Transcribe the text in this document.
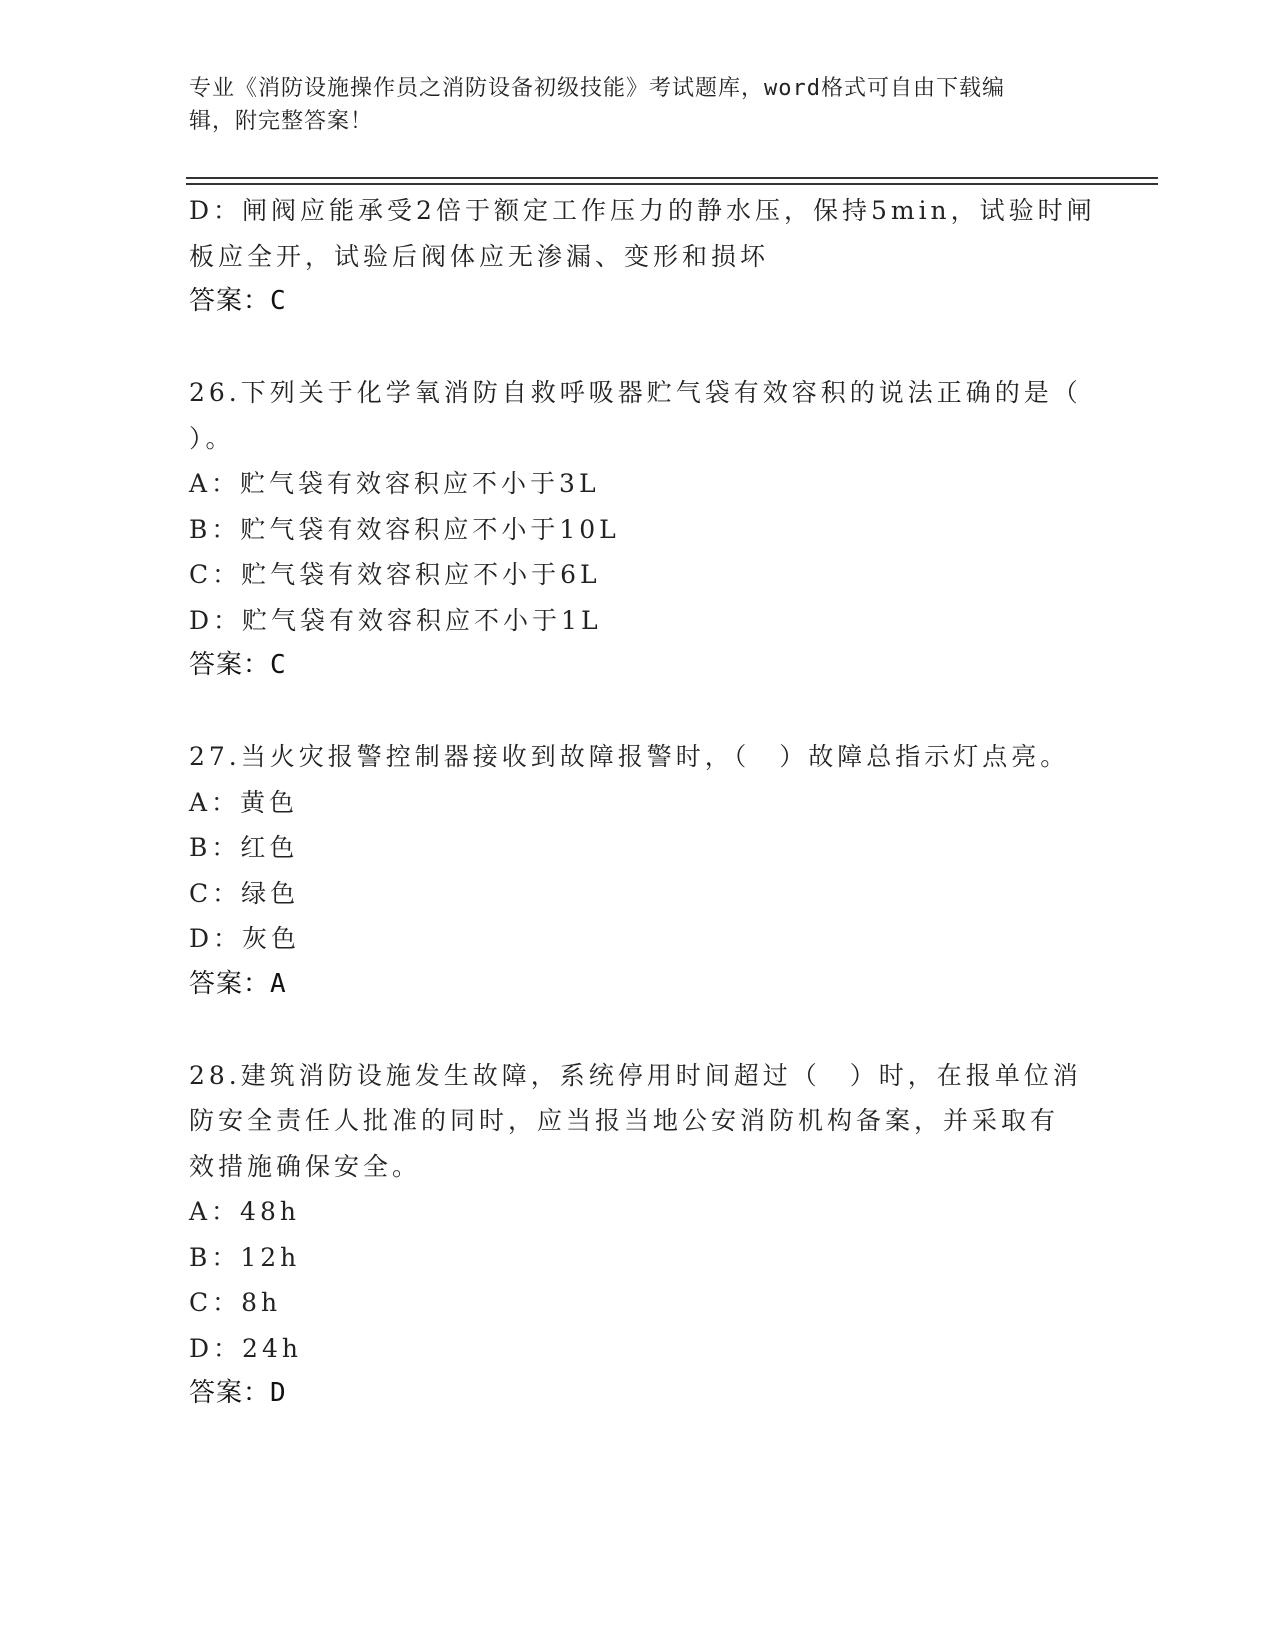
专业《消防设施操作员之消防设备初级技能》考试题库，word格式可自由下载编
辑，附完整答案！
D：闸阀应能承受2倍于额定工作压力的静水压，保持5min，试验时闸
板应全开，试验后阀体应无渗漏、变形和损坏
答案：C
26.下列关于化学氧消防自救呼吸器贮气袋有效容积的说法正确的是（
）。
A：贮气袋有效容积应不小于3L
B：贮气袋有效容积应不小于10L
C：贮气袋有效容积应不小于6L
D：贮气袋有效容积应不小于1L
答案：C
27.当火灾报警控制器接收到故障报警时，（　）故障总指示灯点亮。
A：黄色
B：红色
C：绿色
D：灰色
答案：A
28.建筑消防设施发生故障，系统停用时间超过（　）时，在报单位消
防安全责任人批准的同时，应当报当地公安消防机构备案，并采取有
效措施确保安全。
A：48h
B：12h
C：8h
D：24h
答案：D
